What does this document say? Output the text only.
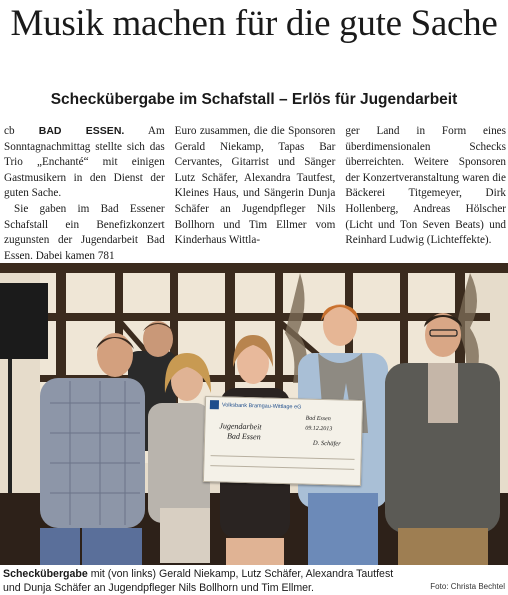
Musik machen für die gute Sache
Scheckübergabe im Schafstall – Erlös für Jugendarbeit

cb BAD ESSEN. Am Sonntagnachmittag stellte sich das Trio „Enchanté“ mit einigen Gastmusikern in den Dienst der guten Sache.

Sie gaben im Bad Essener Schafstall ein Benefizkonzert zugunsten der Jugendarbeit Bad Essen. Dabei kamen 781

Euro zusammen, die die Sponsoren Gerald Niekamp, Tapas Bar Cervantes, Gitarrist und Sänger Lutz Schäfer, Alexandra Tautfest, Kleines Haus, und Sängerin Dunja Schäfer an Jugendpfleger Nils Bollhorn und Tim Ellmer vom Kinderhaus Wittla-

ger Land in Form eines überdimensionalen Schecks überreichten. Weitere Sponsoren der Konzertveranstaltung waren die Bäckerei Titgemeyer, Dirk Hollenberg, Andreas Hölscher (Licht und Ton Seven Beats) und Reinhard Ludwig (Lichteffekte).

Volksbank Bramgau-Wittlage eG
Jugendarbeit
Bad Essen
Bad Essen
09.12.2013
D. Schäfer

Scheckübergabe mit (von links) Gerald Niekamp, Lutz Schäfer, Alexandra Tautfest und Dunja Schäfer an Jugendpfleger Nils Bollhorn und Tim Ellmer.	Foto: Christa Bechtel
